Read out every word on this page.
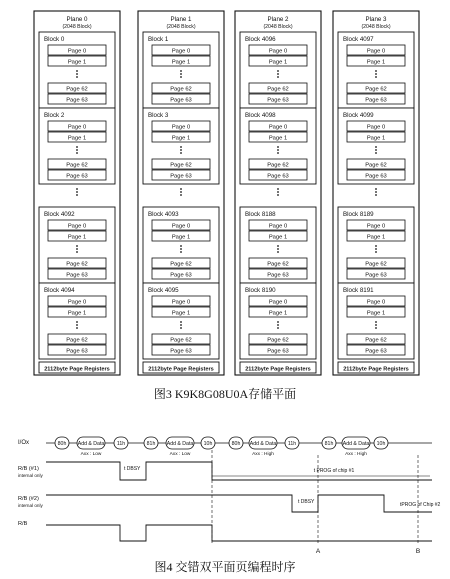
Plane 0
(2048 Block)
Block 0
Page 0
Page 1
Page 62
Page 63
Block 2
Page 0
Page 1
Page 62
Page 63
Block 4092
Page 0
Page 1
Page 62
Page 63
Block 4094
Page 0
Page 1
Page 62
Page 63
2112byte Page Registers
Plane 1
(2048 Block)
Block 1
Page 0
Page 1
Page 62
Page 63
Block 3
Page 0
Page 1
Page 62
Page 63
Block 4093
Page 0
Page 1
Page 62
Page 63
Block 4095
Page 0
Page 1
Page 62
Page 63
2112byte Page Registers
Plane 2
(2048 Block)
Block 4096
Page 0
Page 1
Page 62
Page 63
Block 4098
Page 0
Page 1
Page 62
Page 63
Block 8188
Page 0
Page 1
Page 62
Page 63
Block 8190
Page 0
Page 1
Page 62
Page 63
2112byte Page Registers
Plane 3
(2048 Block)
Block 4097
Page 0
Page 1
Page 62
Page 63
Block 4099
Page 0
Page 1
Page 62
Page 63
Block 8189
Page 0
Page 1
Page 62
Page 63
Block 8191
Page 0
Page 1
Page 62
Page 63
2112byte Page Registers
图3 K9K8G08U0A存储平面
I/Ox
R/B (#1)
internal only
R/B (#2)
internal only
R/B
80h Add & Data 11h	81h Add & Data 10h	80h Add & Data 11h	81h Add & Data 10h
Axx : Low	Axx : Low	Axx : High	Axx : High
t DBSY	t PROG of chip #1
t DBSY	tPROG of Chip #2
A	B
图4 交错双平面页编程时序
